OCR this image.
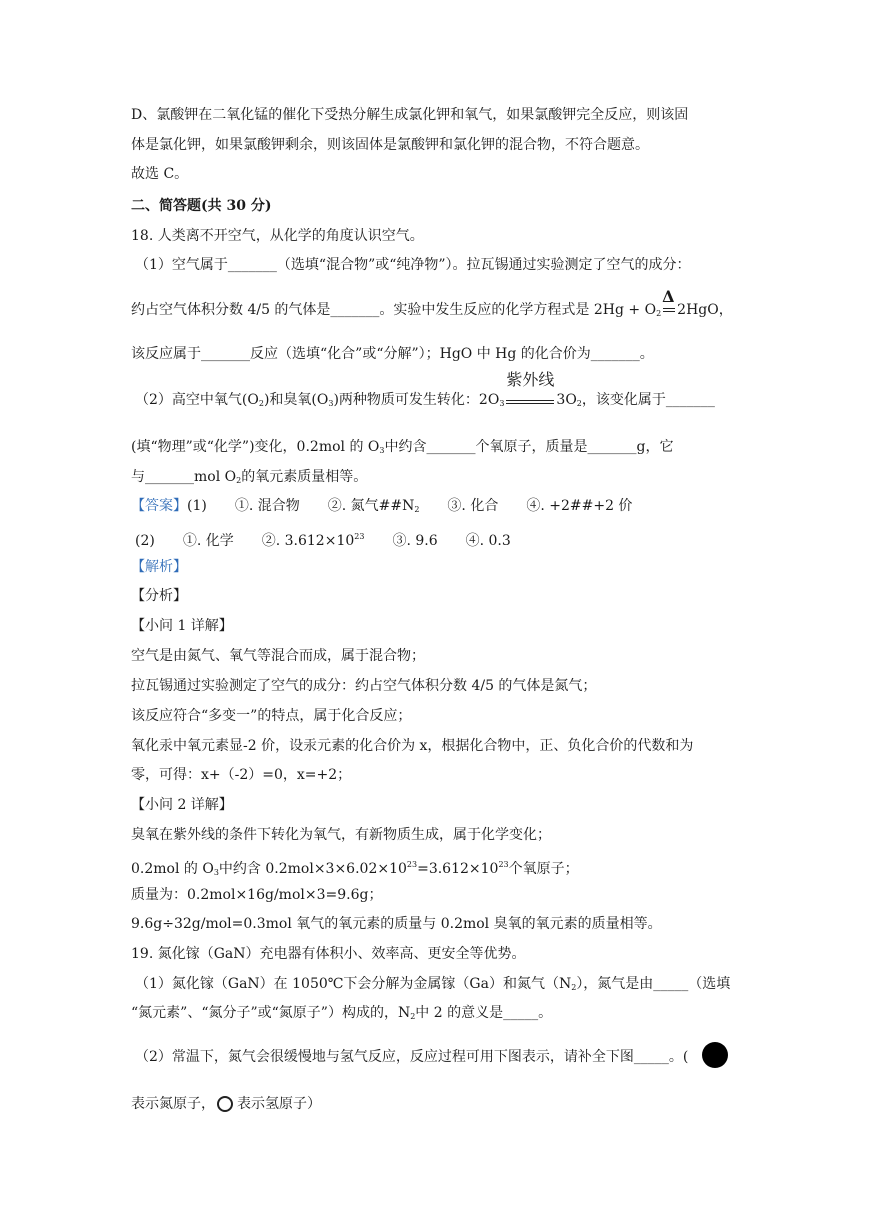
D、氯酸钾在二氧化锰的催化下受热分解生成氯化钾和氧气，如果氯酸钾完全反应，则该固
体是氯化钾，如果氯酸钾剩余，则该固体是氯酸钾和氯化钾的混合物，不符合题意。
故选 C。
二、简答题(共 30 分)
18. 人类离不开空气，从化学的角度认识空气。
（1）空气属于_______（选填“混合物”或“纯净物”）。拉瓦锡通过实验测定了空气的成分：
约占空气体积分数 4/5 的气体是_______。实验中发生反应的化学方程式是 $2Hg + O_2$
Δ
2HgO，
该反应属于_______反应（选填“化合”或“分解”）；HgO 中 Hg 的化合价为_______。
（2）高空中氧气$(O_2)$和臭氧$(O_3)$两种物质可发生转化：$2O_3$
紫外线
$3O_2$，该变化属于_______
(填“物理”或“化学”)变化，0.2mol 的 $O_3$中约含_______个氧原子，质量是_______g，它
与_______mol $O_2$的氧元素质量相等。
【答案】(1)　　①. 混合物　　②. 氮气$\#\#N_2$　　③. 化合　　④. +2##+2 价
(2)　　①. 化学　　②. $3.612\times 10^{23}$　　③. 9.6　　④. 0.3
【解析】
【分析】
【小问 1 详解】
空气是由氮气、氧气等混合而成，属于混合物；
拉瓦锡通过实验测定了空气的成分：约占空气体积分数 4/5 的气体是氮气；
该反应符合“多变一”的特点，属于化合反应；
氧化汞中氧元素显-2 价，设汞元素的化合价为 x，根据化合物中，正、负化合价的代数和为
零，可得：x+（-2）=0，x=+2；
【小问 2 详解】
臭氧在紫外线的条件下转化为氧气，有新物质生成，属于化学变化；
0.2mol 的 $O_3$中约含 $0.2mol\times 3\times 6.02\times 10^{23}=3.612\times 10^{23}$个氧原子；
质量为：0.2mol×16g/mol×3=9.6g；
9.6g÷32g/mol=0.3mol 氧气的氧元素的质量与 0.2mol 臭氧的氧元素的质量相等。
19. 氮化镓（GaN）充电器有体积小、效率高、更安全等优势。
（1）氮化镓（GaN）在 1050℃下会分解为金属镓（Ga）和氮气$(N_2)$，氮气是由_____（选填
“氮元素”、“氮分子”或“氮原子”）构成的，$N_2$中 2 的意义是_____。
（2）常温下，氮气会很缓慢地与氢气反应，反应过程可用下图表示，请补全下图_____。(
表示氮原子， 表示氢原子）
